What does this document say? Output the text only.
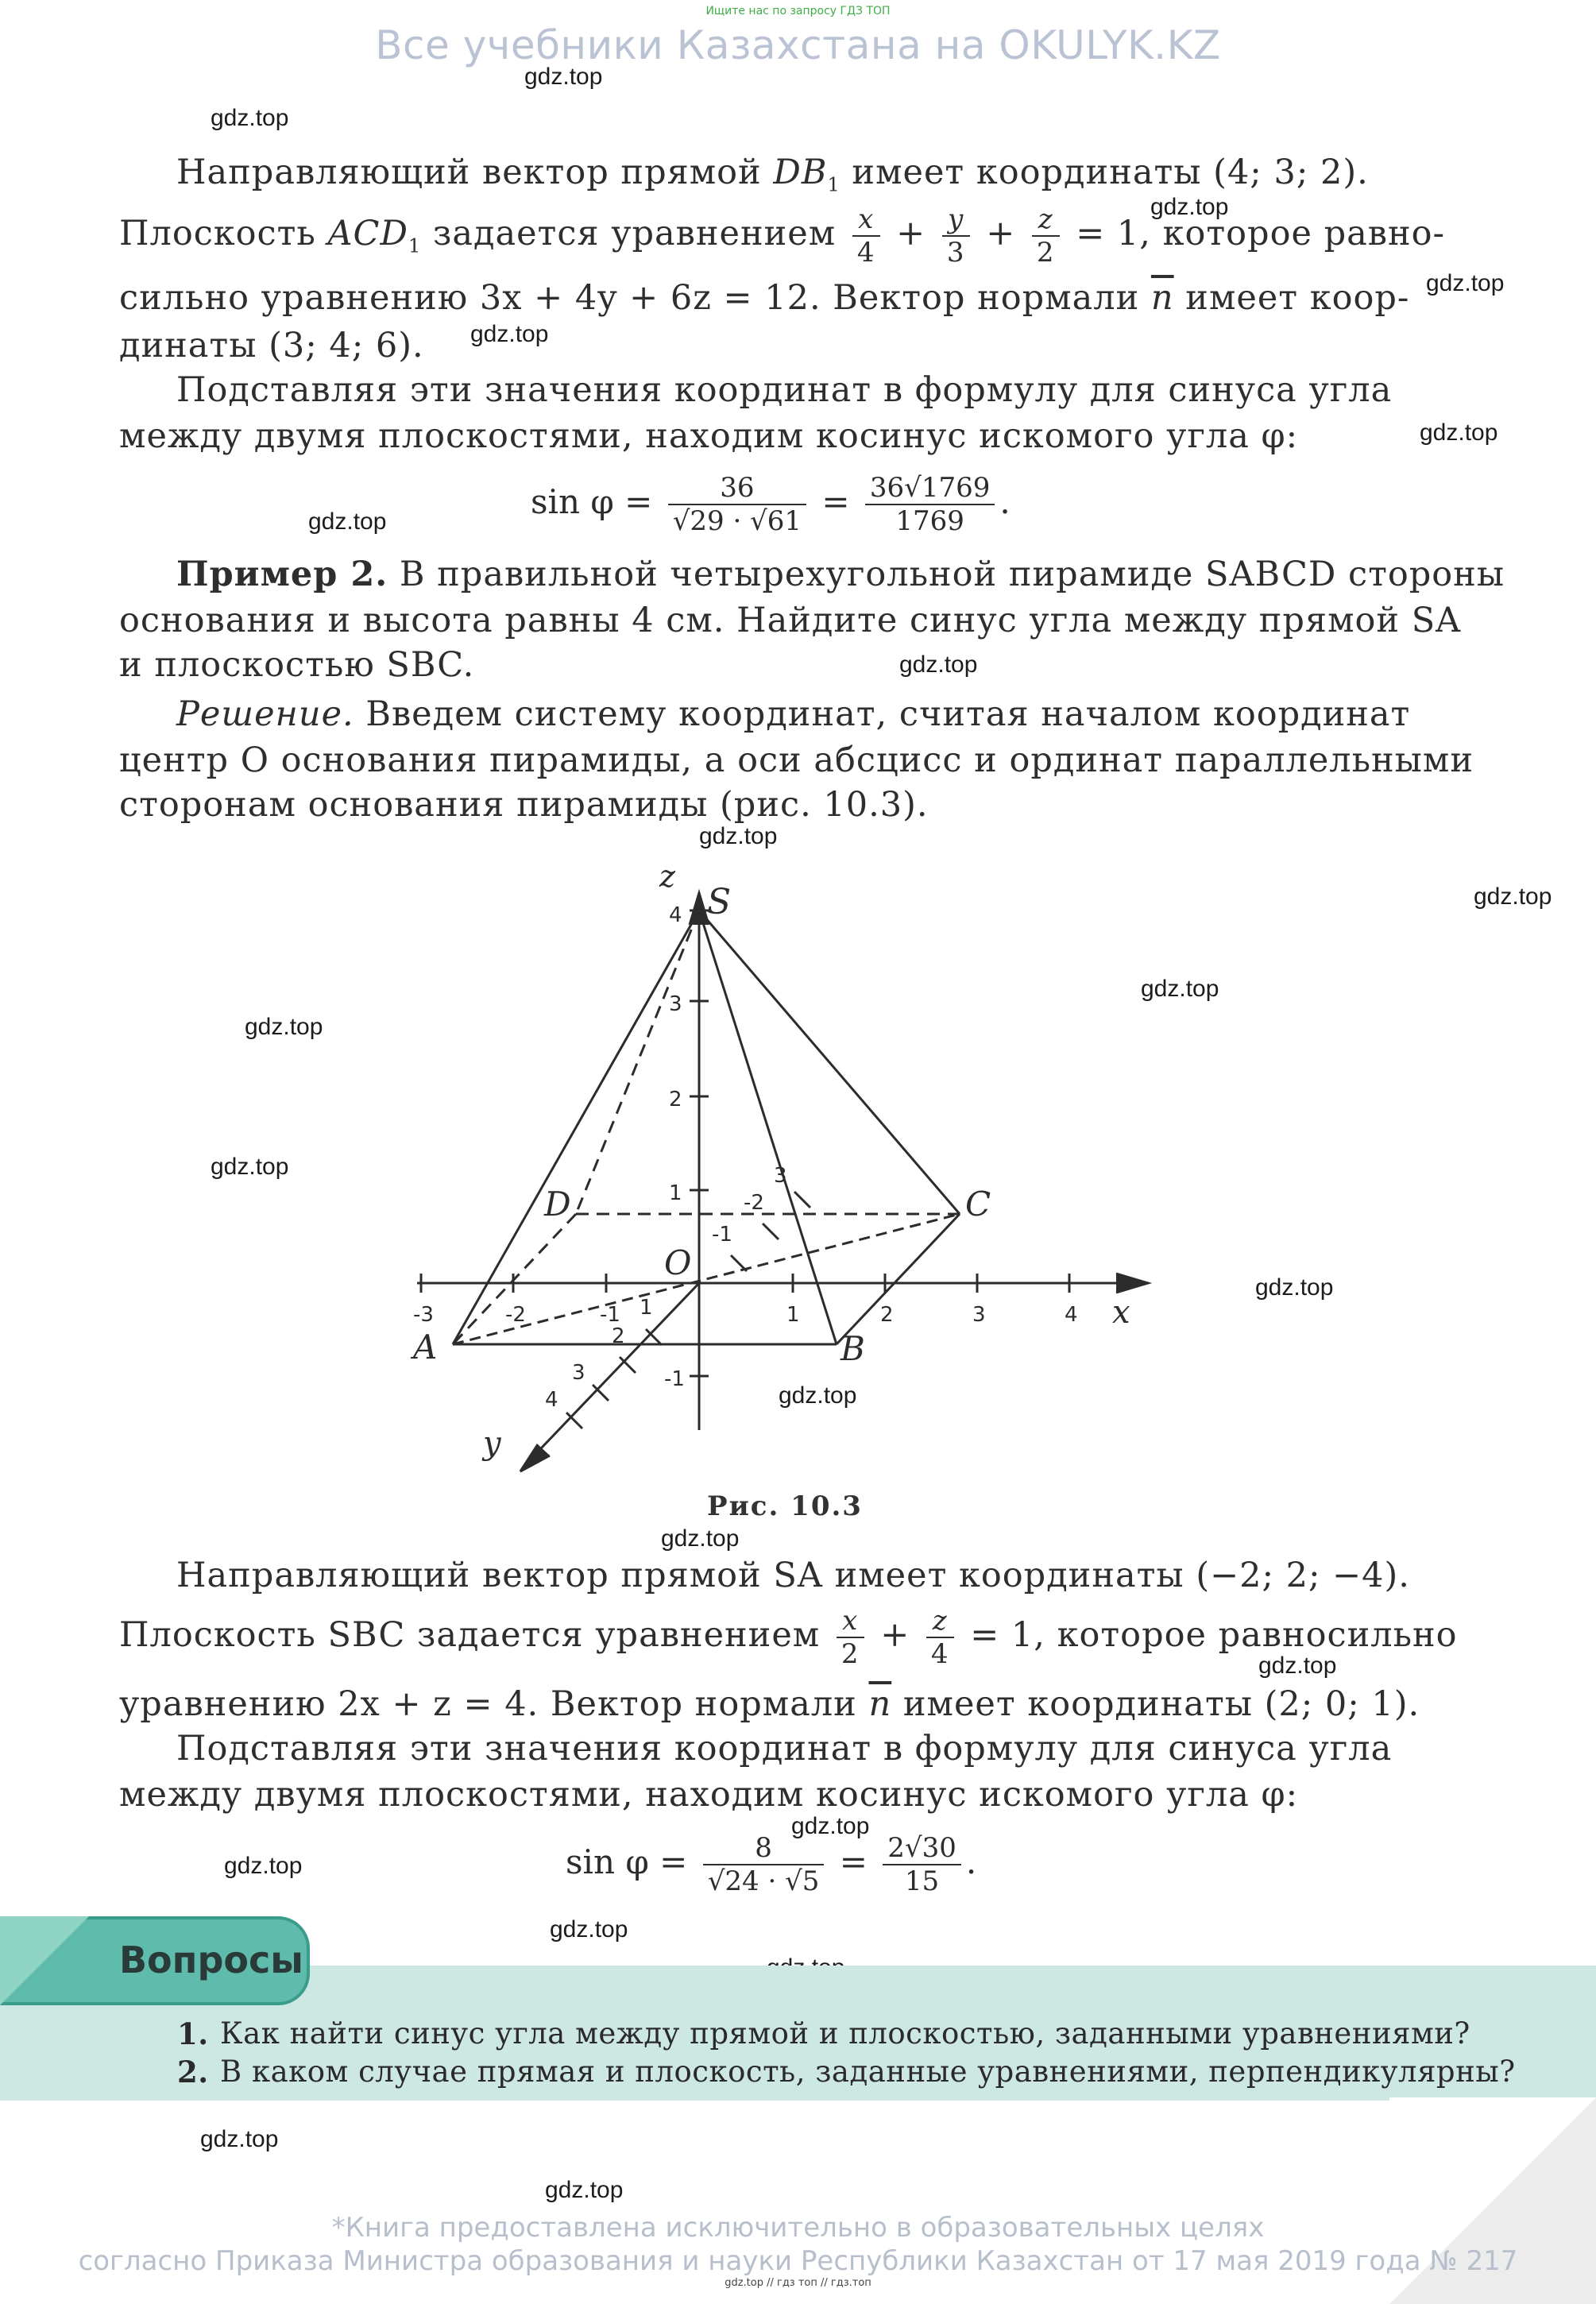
Ищите нас по запросу ГДЗ ТОП
Все учебники Казахстана на OKULYK.KZ
gdz.top
gdz.top
gdz.top
gdz.top
gdz.top
gdz.top
gdz.top
gdz.top
gdz.top
gdz.top
gdz.top
gdz.top
gdz.top
gdz.top
gdz.top
gdz.top
gdz.top
gdz.top
gdz.top
gdz.top
gdz.top
gdz.top
Направляющий вектор прямой $DB_1$ имеет координаты (4; 3; 2).
Плоскость $ACD_1$ задается уравнением $\frac{x}{4} + \frac{y}{3} + \frac{z}{2} = 1$, которое равно-
сильно уравнению 3x + 4y + 6z = 12. Вектор нормали $\overline{n}$ имеет коор-
динаты (3; 4; 6).
Подставляя эти значения координат в формулу для синуса угла
между двумя плоскостями, находим косинус искомого угла φ:
$\sin \varphi = \frac{36}{√29 \cdot √61} = \frac{36√1769}{1769}$ .
Пример 2. В правильной четырехугольной пирамиде SABCD стороны
основания и высота равны 4 см. Найдите синус угла между прямой SA
и плоскостью SBC.
Решение. Введем систему координат, считая началом координат
центр O основания пирамиды, а оси абсцисс и ординат параллельными
сторонам основания пирамиды (рис. 10.3).
S
A	B
C
D
O
x
y
z
-3	-2	-1	1	2	3	4
4
3
2
1
-1
1
2
3
4
-1
-2
3
Рис. 10.3
Направляющий вектор прямой SA имеет координаты (−2; 2; −4).
Плоскость SBC задается уравнением $\frac{x}{2} + \frac{z}{4} = 1$, которое равносильно
уравнению 2x + z = 4. Вектор нормали $\overline{n}$ имеет координаты (2; 0; 1).
Подставляя эти значения координат в формулу для синуса угла
между двумя плоскостями, находим косинус искомого угла φ:
$\sin \varphi = \frac{8}{√24 \cdot √5} = \frac{2√30}{15}$ .
Вопросы
1. Как найти синус угла между прямой и плоскостью, заданными уравнениями?
2. В каком случае прямая и плоскость, заданные уравнениями, перпендикулярны?
*Книга предоставлена исключительно в образовательных целях
согласно Приказа Министра образования и науки Республики Казахстан от 17 мая 2019 года № 217
gdz.top // гдз топ // гдз.топ
